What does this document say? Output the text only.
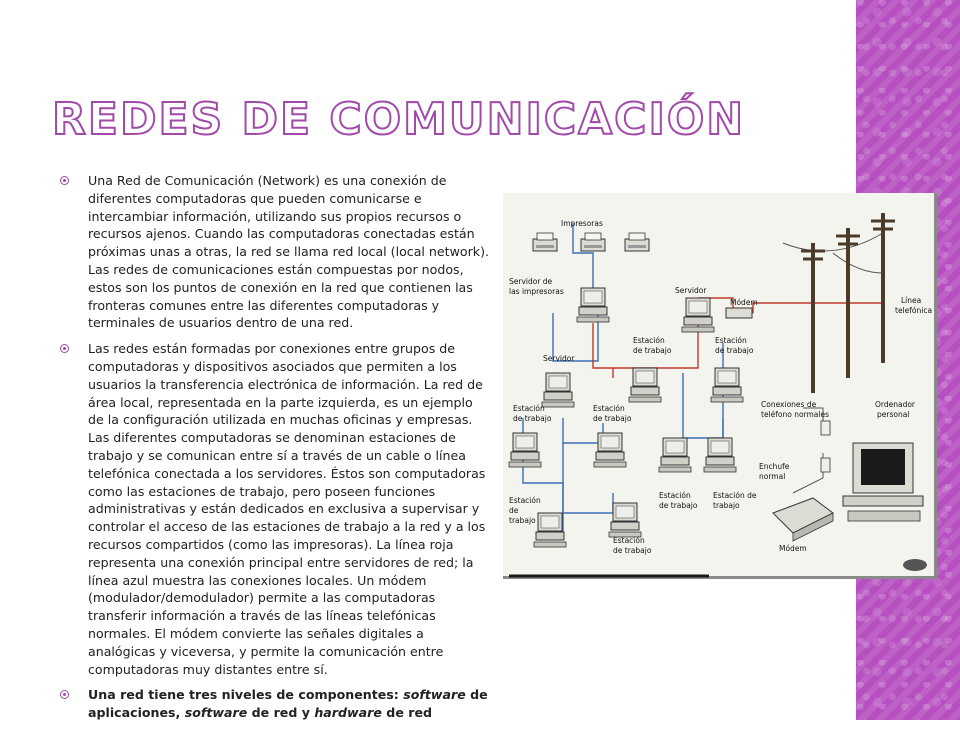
REDES DE COMUNICACIÓN

Una Red de Comunicación (Network) es una conexión de diferentes computadoras que pueden comunicarse e intercambiar información, utilizando sus propios recursos o recursos ajenos. Cuando las computadoras conectadas están próximas unas a otras, la red se llama red local (local network). Las redes de comunicaciones están compuestas por nodos, estos son los puntos de conexión en la red que contienen las fronteras comunes entre las diferentes computadoras y terminales de usuarios dentro de una red.

Las redes están formadas por conexiones entre grupos de computadoras y dispositivos asociados que permiten a los usuarios la transferencia electrónica de información. La red de área local, representada en la parte izquierda, es un ejemplo de la configuración utilizada en muchas oficinas y empresas. Las diferentes computadoras se denominan estaciones de trabajo y se comunican entre sí a través de un cable o línea telefónica conectada a los servidores. Éstos son computadoras como las estaciones de trabajo, pero poseen funciones administrativas y están dedicados en exclusiva a supervisar y controlar el acceso de las estaciones de trabajo a la red y a los recursos compartidos (como las impresoras). La línea roja representa una conexión principal entre servidores de red; la línea azul muestra las conexiones locales. Un módem (modulador/demodulador) permite a las computadoras transferir información a través de las líneas telefónicas normales. El módem convierte las señales digitales a analógicas y viceversa, y permite la comunicación entre computadoras muy distantes entre sí.

Una red tiene tres niveles de componentes: software de aplicaciones, software de red y hardware de red

Impresoras
Servidor de
las impresoras	Servidor
Módem	Línea
telefónica
Estación
de trabajo
Estación
de trabajo
Servidor
Estación
de trabajo
Estación
de trabajo
Conexiones de
teléfono normales
Ordenador
personal
Enchufe
normal
Módem
Estación
de trabajo
Estación de
trabajo
Estación
de
trabajo
Estación
de trabajo
